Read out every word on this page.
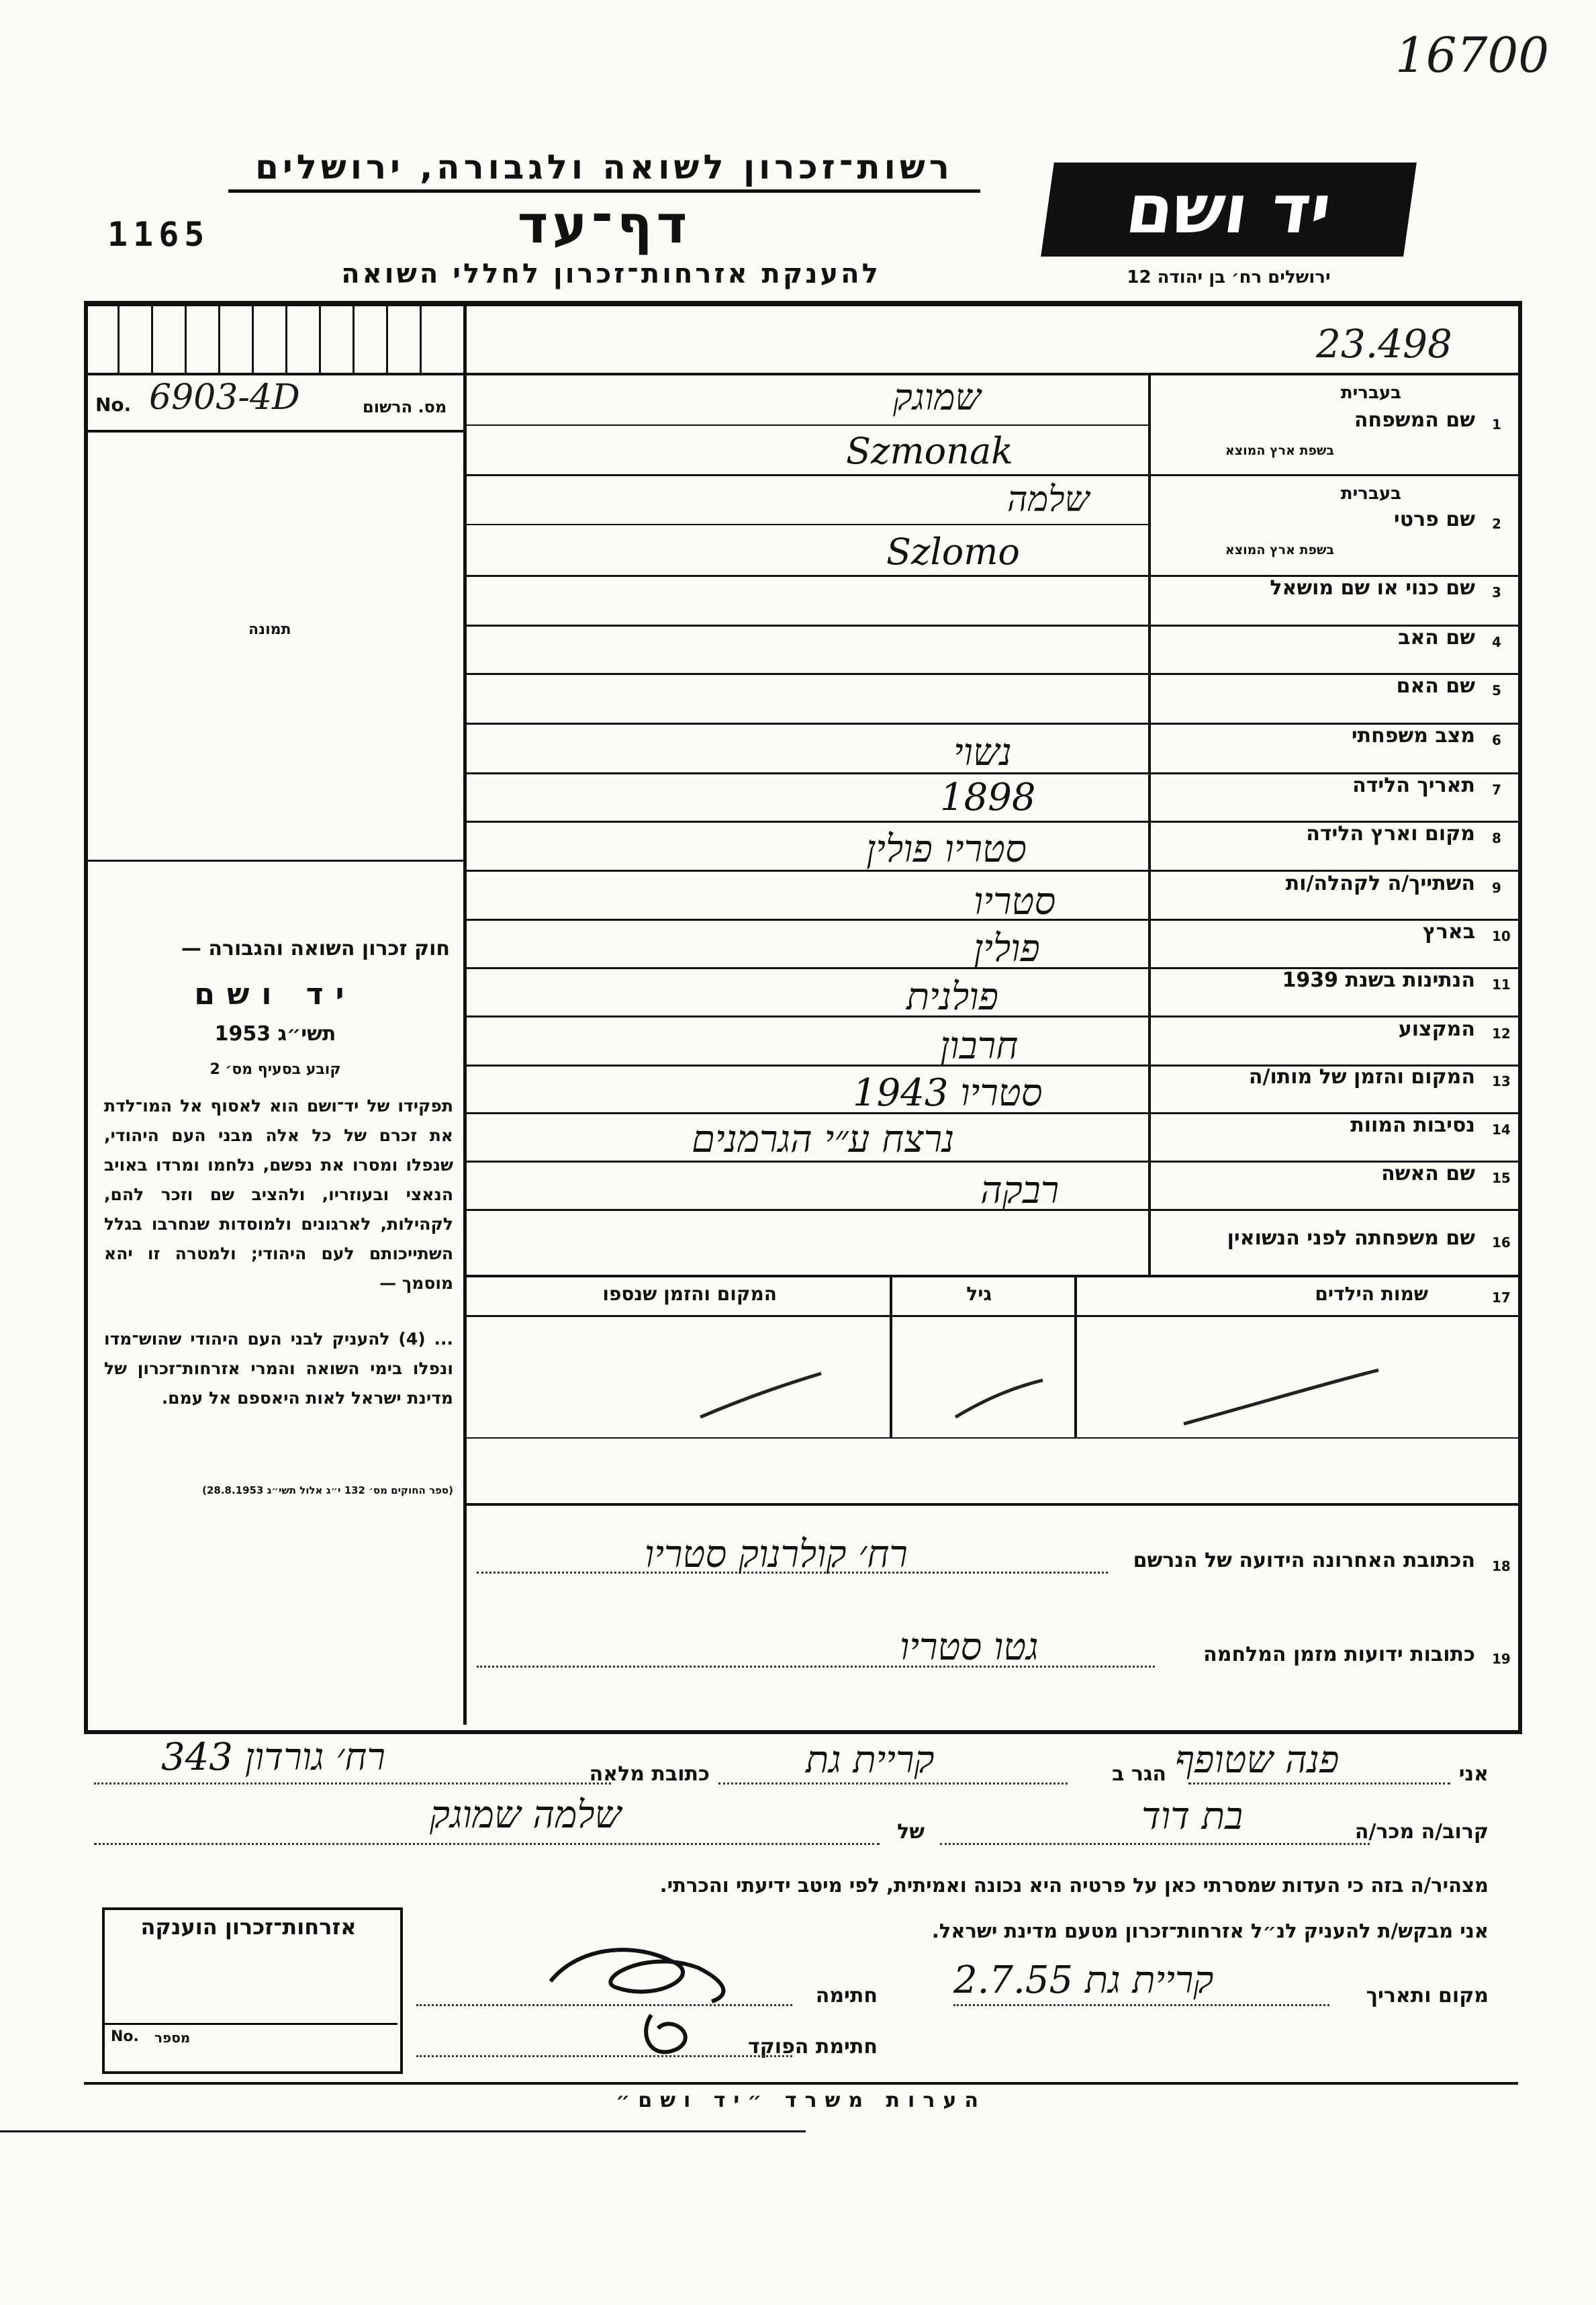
16700
1165
רשות־זכרון לשואה ולגבורה, ירושלים
דף־עד
להענקת אזרחות־זכרון לחללי השואה
יד ושם
ירושלים רח׳ בן יהודה 12
23.498
No. 6903-4D	מס. הרשום
תמונה
חוק זכרון השואה והגבורה —
יד ושם
תשי״ג 1953
קובע בסעיף מס׳ 2
תפקידו של יד־ושם הוא לאסוף אל המו־לדת את זכרם של כל אלה מבני העם היהודי, שנפלו ומסרו את נפשם, נלחמו ומרדו באויב הנאצי ובעוזריו, ולהציב שם וזכר להם, לקהילות, לארגונים ולמוסדות שנחרבו בגלל השתייכותם לעם היהודי; ולמטרה זו יהא מוסמך —
... (4) להעניק לבני העם היהודי שהוש־מדו ונפלו בימי השואה והמרי אזרחות־זכרון של מדינת ישראל לאות היאספם אל עמם.
(ספר החוקים מס׳ 132 י״ג אלול תשי״ג 28.8.1953)
1
שם המשפחה
בעברית
בשפת ארץ המוצא
שמוגק
Szmonak
2
שם פרטי
בעברית
בשפת ארץ המוצא
שלמה
Szlomo
3
שם כנוי או שם מושאל
4
שם האב
5
שם האם
6
מצב משפחתי
נשוי
7
תאריך הלידה
1898
8
מקום וארץ הלידה
סטריו פולין
9
השתייך/ה לקהלה/ות
סטריו
10
בארץ
פולין
11
הנתינות בשנת 1939
פולנית
12
המקצוע
חרבון
13
המקום והזמן של מותו/ה
סטריו 1943
14
נסיבות המוות
נרצח ע״י הגרמנים
15
שם האשה
רבקה
16
שם משפחתה לפני הנשואין
17
שמות הילדים
גיל
המקום והזמן שנספו
18
הכתובת האחרונה הידועה של הנרשם
רח׳ קולרנוק סטריו
19
כתובות ידועות מזמן המלחמה
גטו סטריו
אני
פנה שטופף
הגר ב
קריית גת
כתובת מלאה
רח׳ גורדון 343
קרוב/ה מכר/ה
בת דוד
של
שלמה שמוגק
מצהיר/ה בזה כי העדות שמסרתי כאן על פרטיה היא נכונה ואמיתית, לפי מיטב ידיעתי והכרתי.
אני מבקש/ת להעניק לנ״ל אזרחות־זכרון מטעם מדינת ישראל.
מקום ותאריך
קריית גת 2.7.55
חתימה
חתימת הפוקד
אזרחות־זכרון הוענקה
No. מספר
הערות משרד ״יד ושם״
